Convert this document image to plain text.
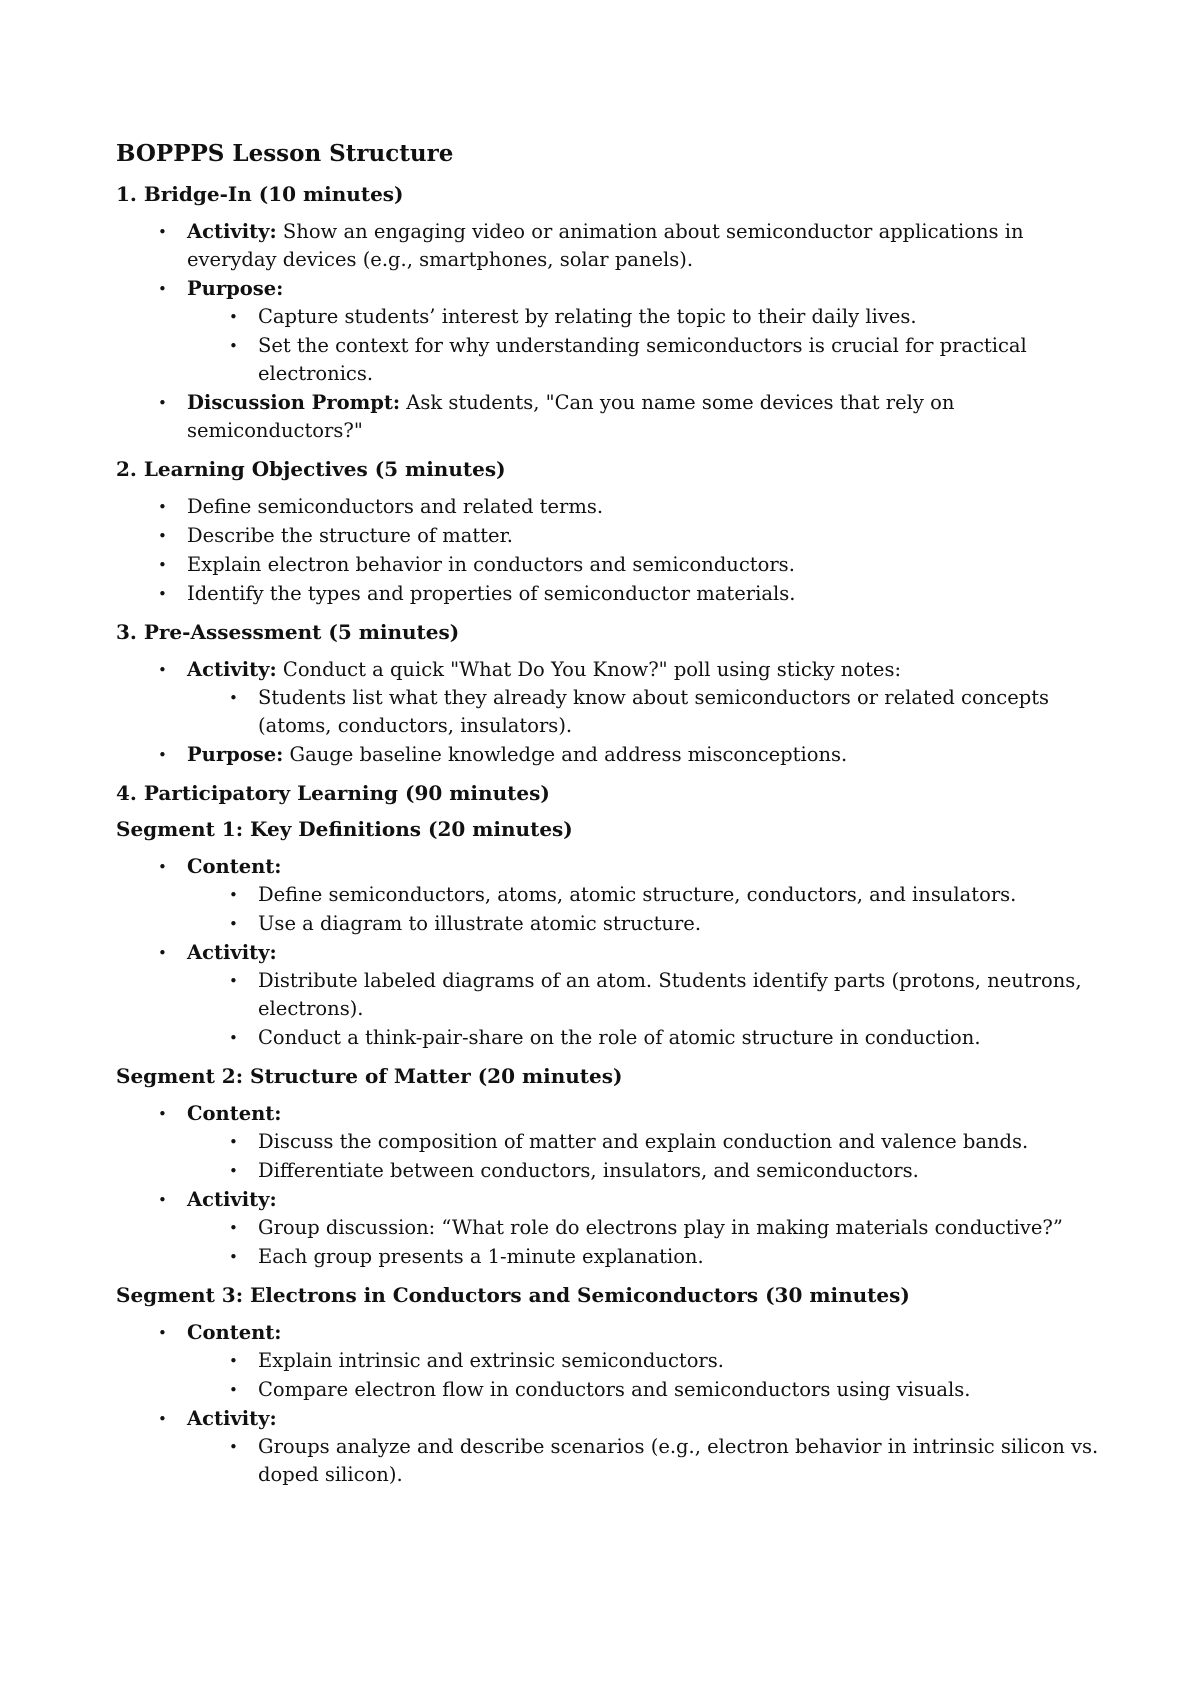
BOPPPS Lesson Structure
1. Bridge-In (10 minutes)
• Activity: Show an engaging video or animation about semiconductor applications in everyday devices (e.g., smartphones, solar panels).
• Purpose:
• Capture students’ interest by relating the topic to their daily lives.
• Set the context for why understanding semiconductors is crucial for practical electronics.
• Discussion Prompt: Ask students, "Can you name some devices that rely on semiconductors?"
2. Learning Objectives (5 minutes)
• Define semiconductors and related terms.
• Describe the structure of matter.
• Explain electron behavior in conductors and semiconductors.
• Identify the types and properties of semiconductor materials.
3. Pre-Assessment (5 minutes)
• Activity: Conduct a quick "What Do You Know?" poll using sticky notes:
• Students list what they already know about semiconductors or related concepts (atoms, conductors, insulators).
• Purpose: Gauge baseline knowledge and address misconceptions.
4. Participatory Learning (90 minutes)
Segment 1: Key Definitions (20 minutes)
• Content:
• Define semiconductors, atoms, atomic structure, conductors, and insulators.
• Use a diagram to illustrate atomic structure.
• Activity:
• Distribute labeled diagrams of an atom. Students identify parts (protons, neutrons, electrons).
• Conduct a think-pair-share on the role of atomic structure in conduction.
Segment 2: Structure of Matter (20 minutes)
• Content:
• Discuss the composition of matter and explain conduction and valence bands.
• Differentiate between conductors, insulators, and semiconductors.
• Activity:
• Group discussion: “What role do electrons play in making materials conductive?”
• Each group presents a 1-minute explanation.
Segment 3: Electrons in Conductors and Semiconductors (30 minutes)
• Content:
• Explain intrinsic and extrinsic semiconductors.
• Compare electron flow in conductors and semiconductors using visuals.
• Activity:
• Groups analyze and describe scenarios (e.g., electron behavior in intrinsic silicon vs. doped silicon).
